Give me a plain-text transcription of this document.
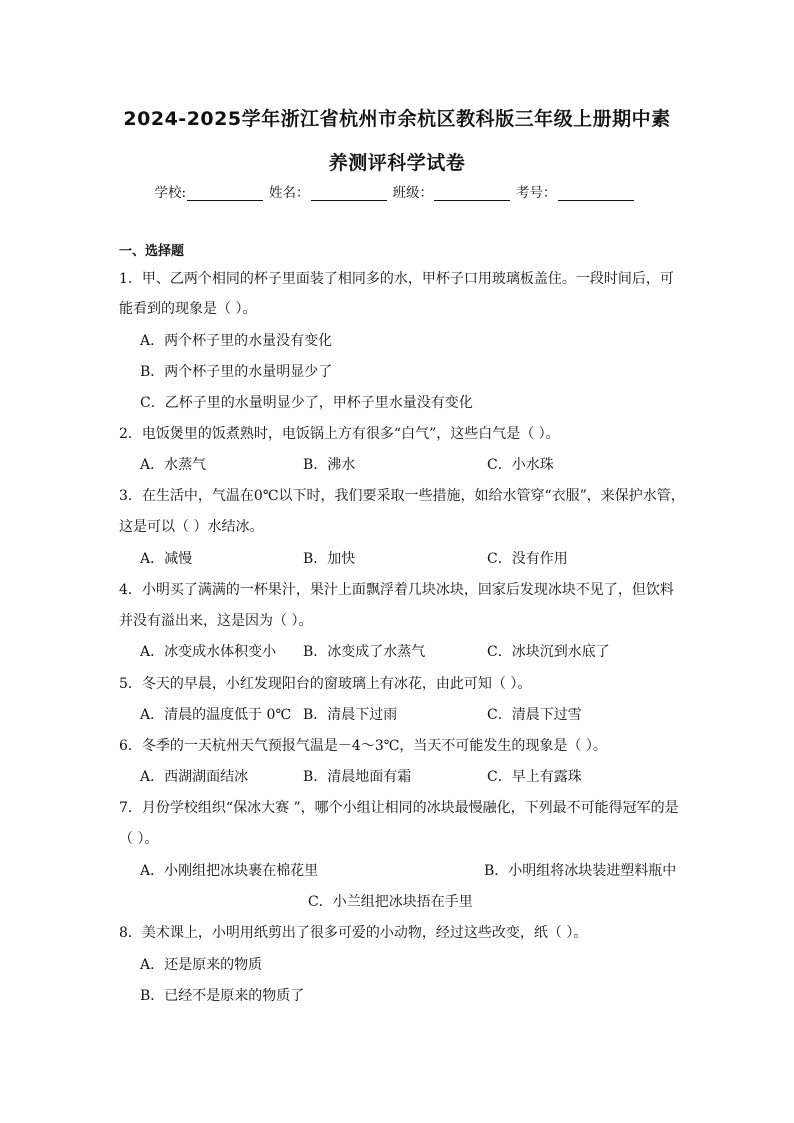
2024-2025学年浙江省杭州市余杭区教科版三年级上册期中素
养测评科学试卷
学校:	姓名：	班级：	考号：
一、选择题
1．甲、乙两个相同的杯子里面装了相同多的水，甲杯子口用玻璃板盖住。一段时间后，可
能看到的现象是（ ）。
A．两个杯子里的水量没有变化
B．两个杯子里的水量明显少了
C．乙杯子里的水量明显少了，甲杯子里水量没有变化
2．电饭煲里的饭煮熟时，电饭锅上方有很多“白气”，这些白气是（ ）。
A．水蒸气	B．沸水	C．小水珠
3．在生活中，气温在0℃以下时，我们要采取一些措施，如给水管穿“衣服”，来保护水管，
这是可以（ ）水结冰。
A．减慢	B．加快	C．没有作用
4．小明买了满满的一杯果汁，果汁上面飘浮着几块冰块，回家后发现冰块不见了，但饮料
并没有溢出来，这是因为（ ）。
A．冰变成水体积变小 B．冰变成了水蒸气	C．冰块沉到水底了
5．冬天的早晨，小红发现阳台的窗玻璃上有冰花，由此可知（ ）。
A．清晨的温度低于 0℃ B．清晨下过雨	C．清晨下过雪
6．冬季的一天杭州天气预报气温是－4～3℃，当天不可能发生的现象是（ ）。
A．西湖湖面结冰	B．清晨地面有霜	C．早上有露珠
7．月份学校组织“保冰大赛 ”，哪个小组让相同的冰块最慢融化，下列最不可能得冠军的是
（ ）。
A．小刚组把冰块裹在棉花里	B．小明组将冰块装进塑料瓶中
C．小兰组把冰块捂在手里
8．美术课上，小明用纸剪出了很多可爱的小动物，经过这些改变，纸（ ）。
A．还是原来的物质
B．已经不是原来的物质了
